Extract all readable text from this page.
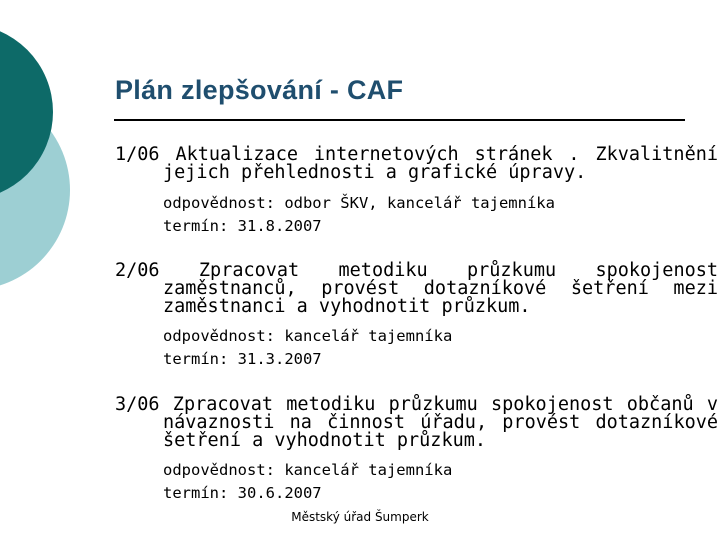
Plán zlepšování - CAF
1/06 Aktualizace internetových stránek . Zkvalitnění jejich přehlednosti a grafické úpravy.
odpovědnost: odbor ŠKV, kancelář tajemníka
termín: 31.8.2007
2/06 Zpracovat metodiku průzkumu spokojenost zaměstnanců, provést dotazníkové šetření mezi zaměstnanci a vyhodnotit průzkum.
odpovědnost: kancelář tajemníka
termín: 31.3.2007
3/06 Zpracovat metodiku průzkumu spokojenost občanů v návaznosti na činnost úřadu, provést dotazníkové šetření a vyhodnotit průzkum.
odpovědnost: kancelář tajemníka
termín: 30.6.2007
Městský úřad Šumperk
